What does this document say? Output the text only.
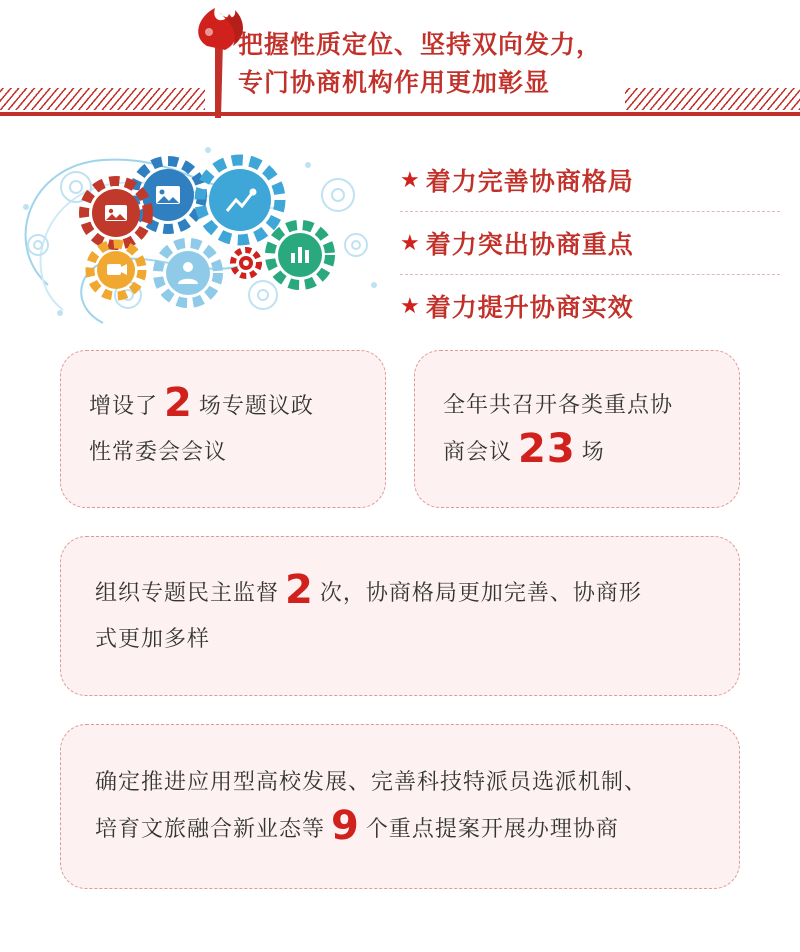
把握性质定位、坚持双向发力，
专门协商机构作用更加彰显
★ 着力完善协商格局
★ 着力突出协商重点
★ 着力提升协商实效
增设了 2 场专题议政
性常委会会议
全年共召开各类重点协
商会议 23 场
组织专题民主监督 2 次，协商格局更加完善、协商形
式更加多样
确定推进应用型高校发展、完善科技特派员选派机制、
培育文旅融合新业态等 9 个重点提案开展办理协商
